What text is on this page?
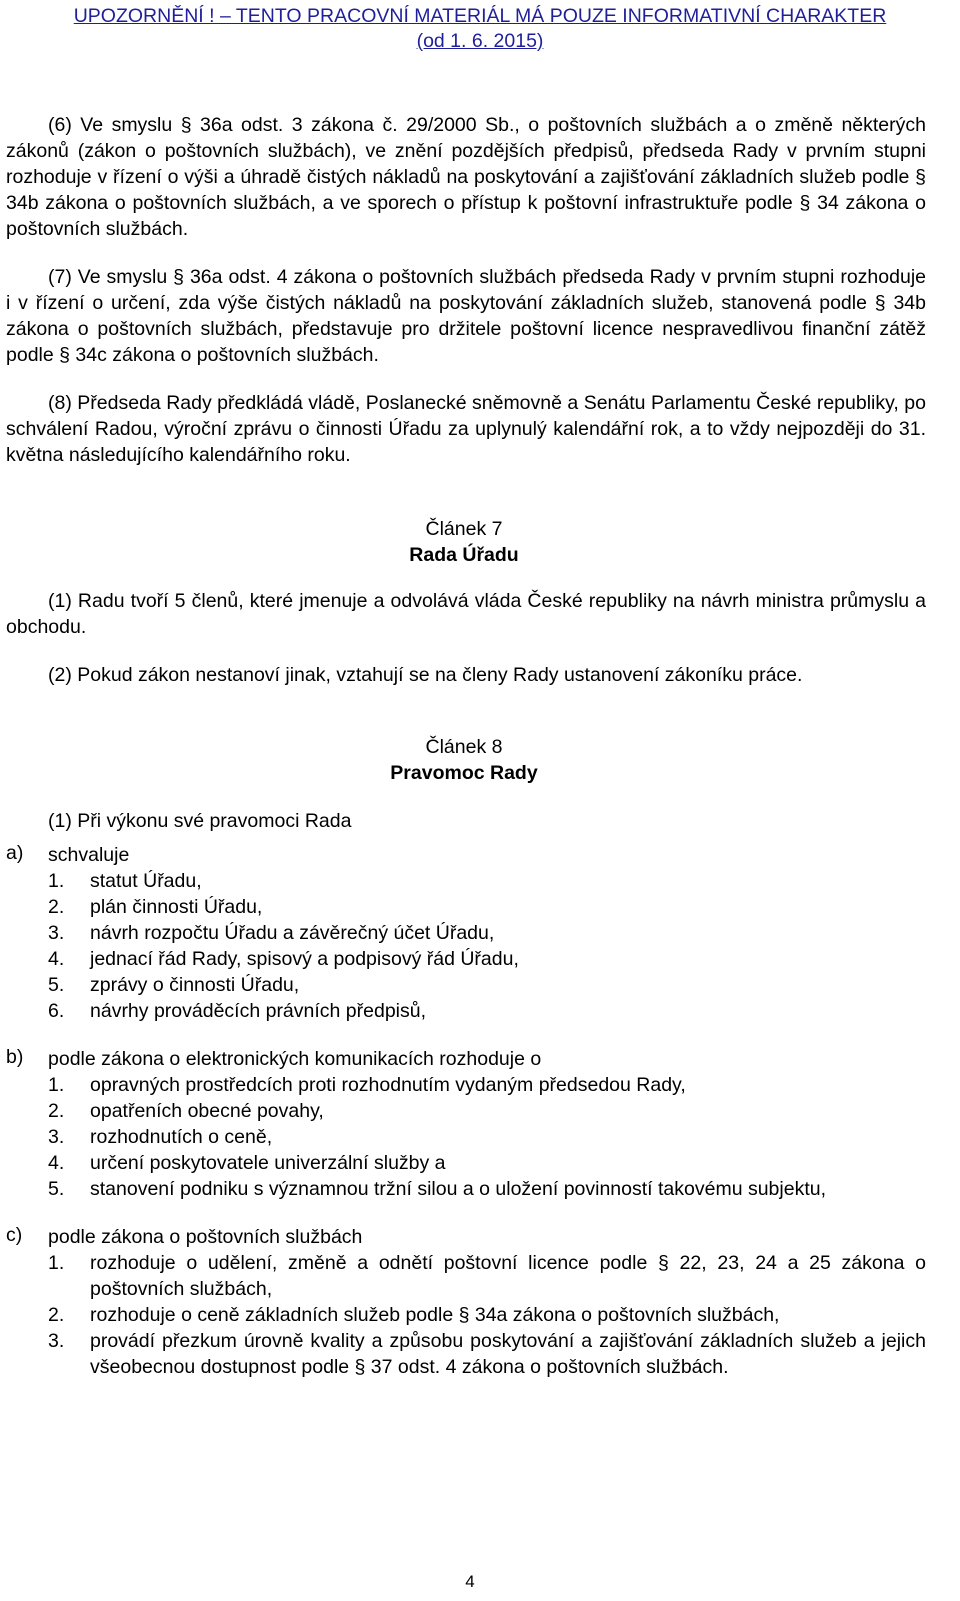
UPOZORNĚNÍ ! – TENTO PRACOVNÍ MATERIÁL MÁ POUZE INFORMATIVNÍ CHARAKTER
(od 1. 6. 2015)

(6) Ve smyslu § 36a odst. 3 zákona č. 29/2000 Sb., o poštovních službách a o změně některých zákonů (zákon o poštovních službách), ve znění pozdějších předpisů, předseda Rady v prvním stupni rozhoduje v řízení o výši a úhradě čistých nákladů na poskytování a zajišťování základních služeb podle § 34b zákona o poštovních službách, a ve sporech o přístup k poštovní infrastruktuře podle § 34 zákona o poštovních službách.

(7) Ve smyslu § 36a odst. 4 zákona o poštovních službách předseda Rady v prvním stupni rozhoduje i v řízení o určení, zda výše čistých nákladů na poskytování základních služeb, stanovená podle § 34b zákona o poštovních službách, představuje pro držitele poštovní licence nespravedlivou finanční zátěž podle § 34c zákona o poštovních službách.

(8) Předseda Rady předkládá vládě, Poslanecké sněmovně a Senátu Parlamentu České republiky, po schválení Radou, výroční zprávu o činnosti Úřadu za uplynulý kalendářní rok, a to vždy nejpozději do 31. května následujícího kalendářního roku.

Článek 7
Rada Úřadu

(1) Radu tvoří 5 členů, které jmenuje a odvolává vláda České republiky na návrh ministra průmyslu a obchodu.

(2) Pokud zákon nestanoví jinak, vztahují se na členy Rady ustanovení zákoníku práce.

Článek 8
Pravomoc Rady

(1) Při výkonu své pravomoci Rada

a) schvaluje
1. statut Úřadu,
2. plán činnosti Úřadu,
3. návrh rozpočtu Úřadu a závěrečný účet Úřadu,
4. jednací řád Rady, spisový a podpisový řád Úřadu,
5. zprávy o činnosti Úřadu,
6. návrhy prováděcích právních předpisů,
b) podle zákona o elektronických komunikacích rozhoduje o
1. opravných prostředcích proti rozhodnutím vydaným předsedou Rady,
2. opatřeních obecné povahy,
3. rozhodnutích o ceně,
4. určení poskytovatele univerzální služby a
5. stanovení podniku s významnou tržní silou a o uložení povinností takovému subjektu,
c) podle zákona o poštovních službách
1. rozhoduje o udělení, změně a odnětí poštovní licence podle § 22, 23, 24 a 25 zákona o poštovních službách,
2. rozhoduje o ceně základních služeb podle § 34a zákona o poštovních službách,
3. provádí přezkum úrovně kvality a způsobu poskytování a zajišťování základních služeb a jejich všeobecnou dostupnost podle § 37 odst. 4 zákona o poštovních službách.
4
